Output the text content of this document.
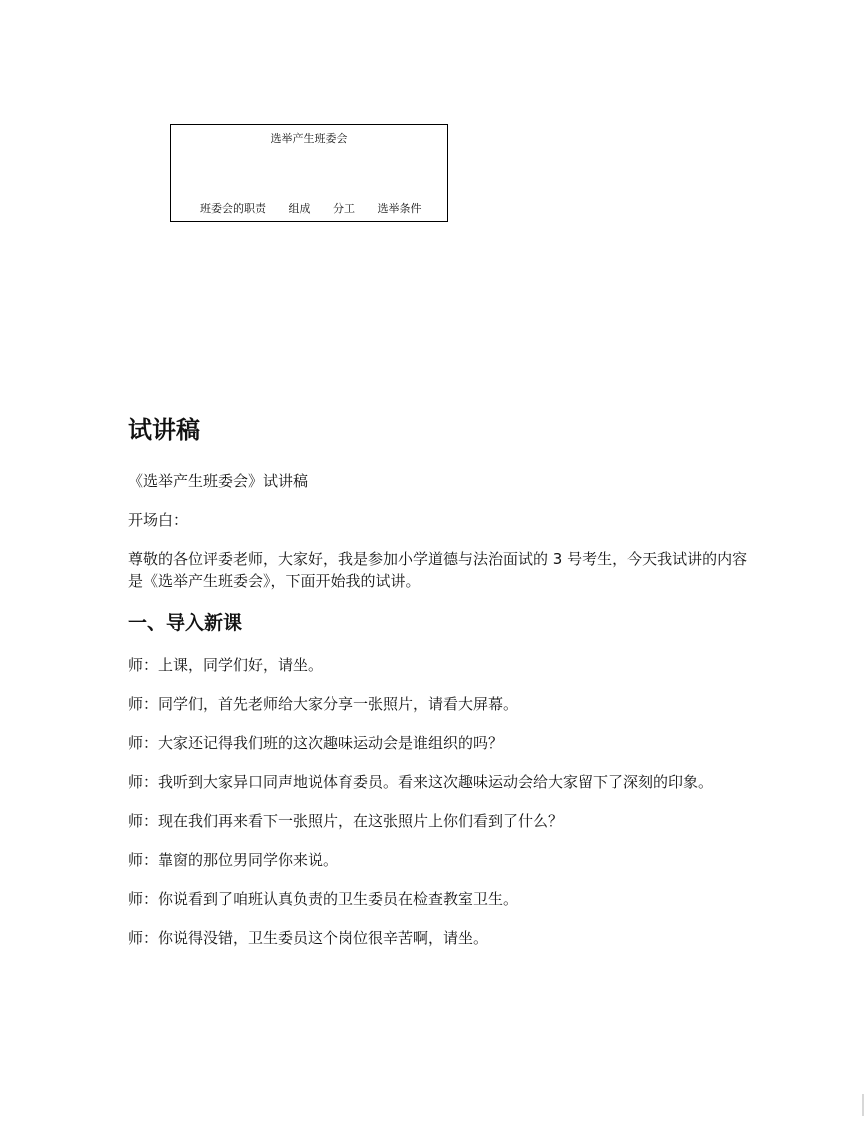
选举产生班委会
班委会的职责 组成 分工 选举条件
试讲稿
《选举产生班委会》试讲稿
开场白：
尊敬的各位评委老师，大家好，我是参加小学道德与法治面试的 3 号考生，今天我试讲的内容是《选举产生班委会》，下面开始我的试讲。
一、导入新课
师：上课，同学们好，请坐。
师：同学们，首先老师给大家分享一张照片，请看大屏幕。
师：大家还记得我们班的这次趣味运动会是谁组织的吗？
师：我听到大家异口同声地说体育委员。看来这次趣味运动会给大家留下了深刻的印象。
师：现在我们再来看下一张照片，在这张照片上你们看到了什么？
师：靠窗的那位男同学你来说。
师：你说看到了咱班认真负责的卫生委员在检查教室卫生。
师：你说得没错，卫生委员这个岗位很辛苦啊，请坐。
